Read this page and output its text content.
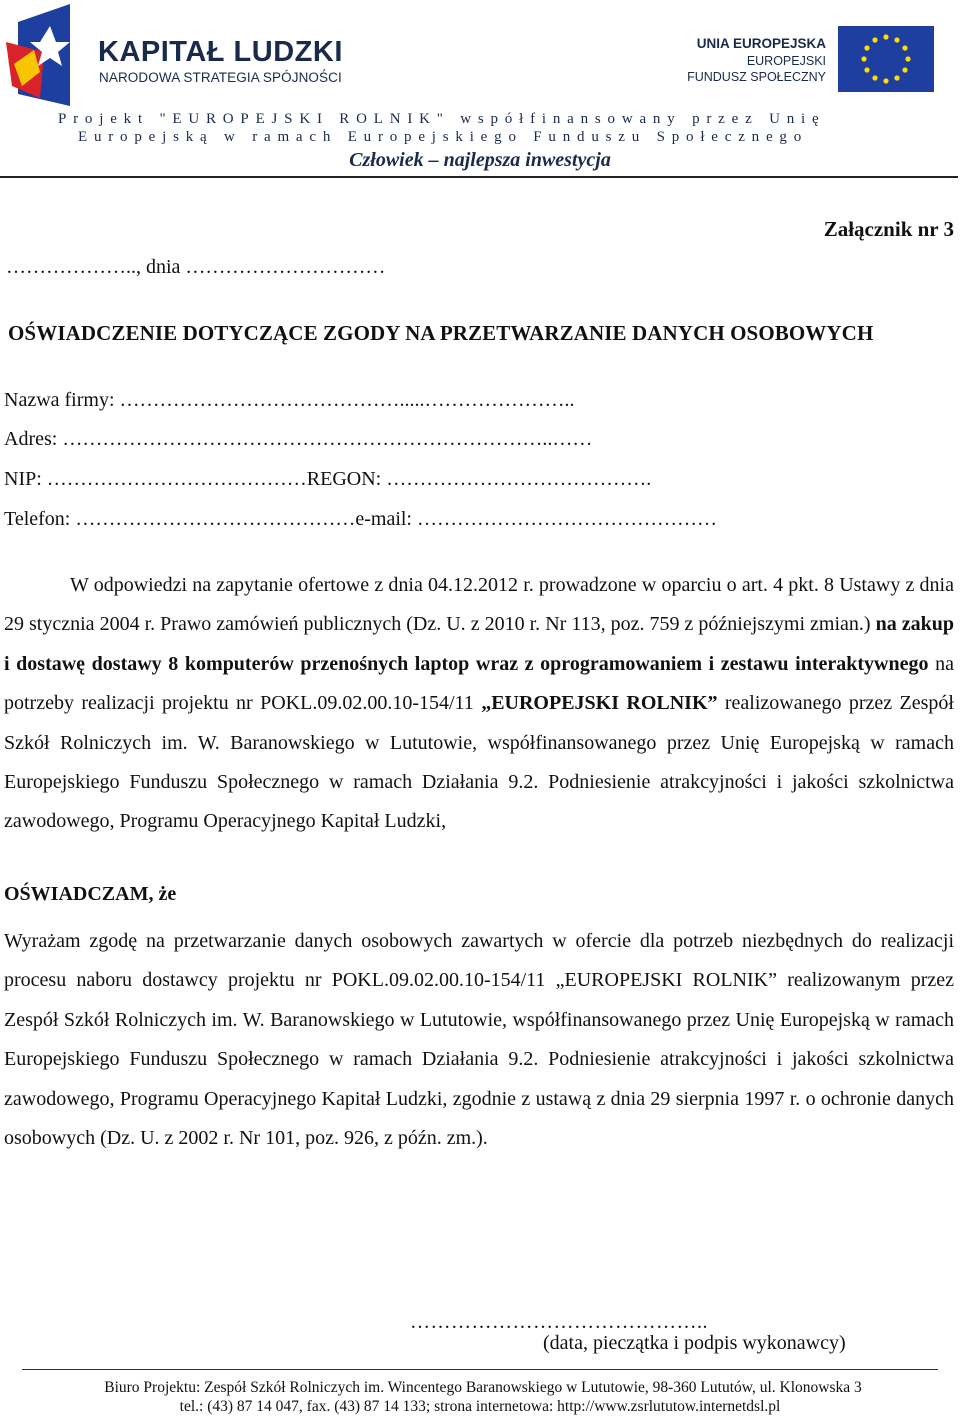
KAPITAŁ LUDZKI
NARODOWA STRATEGIA SPÓJNOŚCI
UNIA EUROPEJSKA
EUROPEJSKI
FUNDUSZ SPOŁECZNY
Projekt "EUROPEJSKI ROLNIK" współfinansowany przez Unię
Europejską w ramach Europejskiego Funduszu Społecznego
Człowiek – najlepsza inwestycja
Załącznik nr 3
……………….., dnia …………………………
OŚWIADCZENIE DOTYCZĄCE ZGODY NA PRZETWARZANIE DANYCH OSOBOWYCH
Nazwa firmy: …………………………………….....…………………..
Adres: ………………………………………………………………..……
NIP: …………………………………REGON: ………………………………….
Telefon: ……………………………………e-mail: ………………………………………
W odpowiedzi na zapytanie ofertowe z dnia 04.12.2012 r. prowadzone w oparciu o art. 4 pkt. 8 Ustawy z dnia 29 stycznia 2004 r. Prawo zamówień publicznych (Dz. U. z 2010 r. Nr 113, poz. 759 z późniejszymi zmian.) na zakup i dostawę dostawy 8 komputerów przenośnych laptop wraz z oprogramowaniem i zestawu interaktywnego na potrzeby realizacji projektu nr POKL.09.02.00.10-154/11 „EUROPEJSKI ROLNIK” realizowanego przez Zespół Szkół Rolniczych im. W. Baranowskiego w Lututowie, współfinansowanego przez Unię Europejską w ramach Europejskiego Funduszu Społecznego w ramach Działania 9.2. Podniesienie atrakcyjności i jakości szkolnictwa zawodowego, Programu Operacyjnego Kapitał Ludzki,
OŚWIADCZAM, że
Wyrażam zgodę na przetwarzanie danych osobowych zawartych w ofercie dla potrzeb niezbędnych do realizacji procesu naboru dostawcy projektu nr POKL.09.02.00.10-154/11 „EUROPEJSKI ROLNIK” realizowanym przez Zespół Szkół Rolniczych im. W. Baranowskiego w Lututowie, współfinansowanego przez Unię Europejską w ramach Europejskiego Funduszu Społecznego w ramach Działania 9.2. Podniesienie atrakcyjności i jakości szkolnictwa zawodowego, Programu Operacyjnego Kapitał Ludzki, zgodnie z ustawą z dnia 29 sierpnia 1997 r. o ochronie danych osobowych (Dz. U. z 2002 r. Nr 101, poz. 926, z późn. zm.).
……………………………………..
(data, pieczątka i podpis wykonawcy)
Biuro Projektu: Zespół Szkół Rolniczych im. Wincentego Baranowskiego w Lututowie, 98-360 Lututów, ul. Klonowska 3
tel.: (43) 87 14 047, fax. (43) 87 14 133; strona internetowa: http://www.zsrlututow.internetdsl.pl
